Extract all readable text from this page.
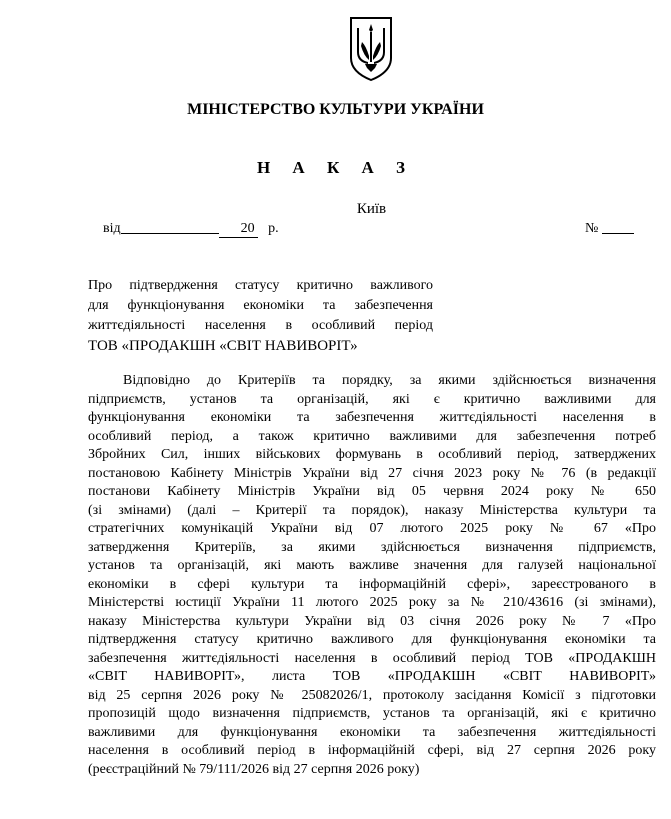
МІНІСТЕРСТВО КУЛЬТУРИ УКРАЇНИ
Н А К А З
Київ
від	20 р.	№
Про підтвердження статусу критично важливого
для функціонування економіки та забезпечення
життєдіяльності населення в особливий період
ТОВ «ПРОДАКШН «СВІТ НАВИВОРІТ»
Відповідно до Критеріїв та порядку, за якими здійснюється визначення
підприємств, установ та організацій, які є критично важливими для
функціонування економіки та забезпечення життєдіяльності населення в
особливий період, а також критично важливими для забезпечення потреб
Збройних Сил, інших військових формувань в особливий період, затверджених
постановою Кабінету Міністрів України від 27 січня 2023 року № 76 (в редакції
постанови Кабінету Міністрів України від 05 червня 2024 року № 650
(зі змінами) (далі – Критерії та порядок), наказу Міністерства культури та
стратегічних комунікацій України від 07 лютого 2025 року № 67 «Про
затвердження Критеріїв, за якими здійснюється визначення підприємств,
установ та організацій, які мають важливе значення для галузей національної
економіки в сфері культури та інформаційній сфері», зареєстрованого в
Міністерстві юстиції України 11 лютого 2025 року за № 210/43616 (зі змінами),
наказу Міністерства культури України від 03 січня 2026 року № 7 «Про
підтвердження статусу критично важливого для функціонування економіки та
забезпечення життєдіяльності населення в особливий період ТОВ «ПРОДАКШН
«СВІТ НАВИВОРІТ», листа ТОВ «ПРОДАКШН «СВІТ НАВИВОРІТ»
від 25 серпня 2026 року № 25082026/1, протоколу засідання Комісії з підготовки
пропозицій щодо визначення підприємств, установ та організацій, які є критично
важливими для функціонування економіки та забезпечення життєдіяльності
населення в особливий період в інформаційній сфері, від 27 серпня 2026 року
(реєстраційний № 79/111/2026 від 27 серпня 2026 року)
